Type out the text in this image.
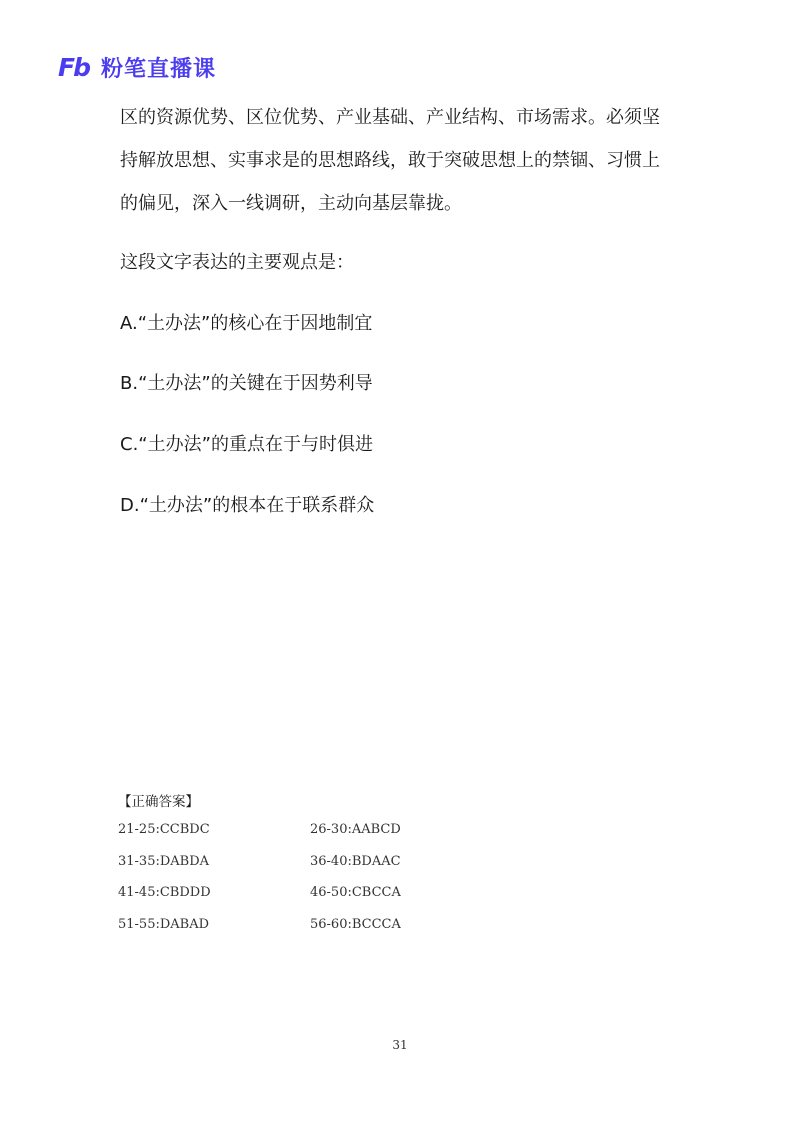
Fb 粉笔直播课

区的资源优势、区位优势、产业基础、产业结构、市场需求。必须坚
持解放思想、实事求是的思想路线，敢于突破思想上的禁锢、习惯上
的偏见，深入一线调研，主动向基层靠拢。

这段文字表达的主要观点是：

A.“土办法”的核心在于因地制宜

B.“土办法”的关键在于因势利导

C.“土办法”的重点在于与时俱进

D.“土办法”的根本在于联系群众

【正确答案】

21-25:CCBDC	26-30:AABCD
31-35:DABDA	36-40:BDAAC
41-45:CBDDD	46-50:CBCCA
51-55:DABAD	56-60:BCCCA
31
